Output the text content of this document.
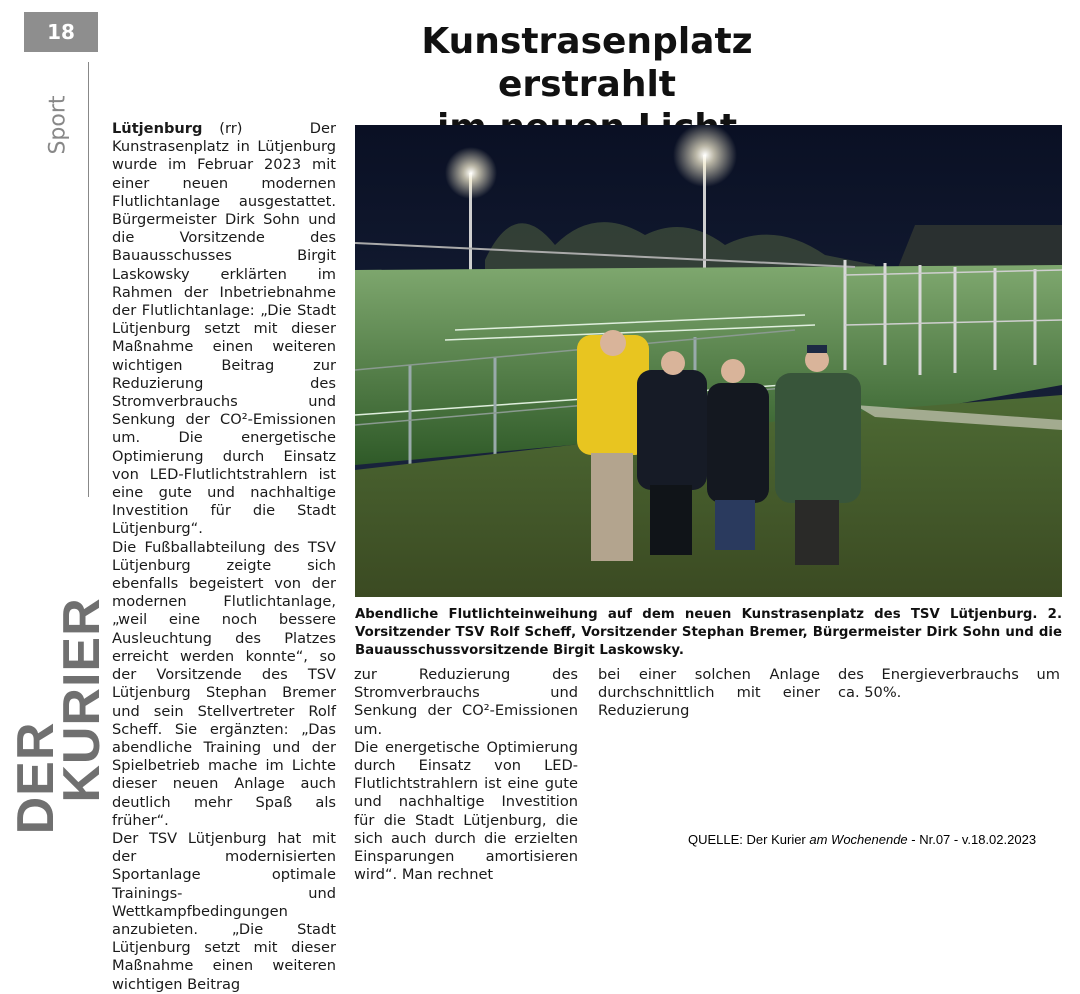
18
Sport
KURIER
DER
Kunstrasenplatz erstrahlt

Lütjenburg (rr)	Der Kunstrasenplatz in Lütjenburg wurde im Februar 2023 mit einer neuen modernen Flutlichtanlage ausgestattet. Bürgermeister Dirk Sohn und die Vorsitzende des Bauausschusses Birgit Laskowsky erklärten im Rahmen der Inbetriebnahme der Flutlichtanlage: „Die Stadt Lütjenburg setzt mit dieser Maßnahme einen weiteren wichtigen Beitrag zur Reduzierung des Stromverbrauchs und Senkung der CO²-Emissionen um. Die energetische Optimierung durch Einsatz von LED-Flutlichtstrahlern ist eine gute und nachhaltige Investition für die Stadt Lütjenburg“.

Die Fußballabteilung des TSV Lütjenburg zeigte sich ebenfalls begeistert von der modernen Flutlichtanlage, „weil eine noch bessere Ausleuchtung des Platzes erreicht werden konnte“, so der Vorsitzende des TSV Lütjenburg Stephan Bremer und sein Stellvertreter Rolf Scheff. Sie ergänzten: „Das abendliche Training und der Spielbetrieb mache im Lichte dieser neuen Anlage auch deutlich mehr Spaß als früher“.

Der TSV Lütjenburg hat mit der modernisierten Sportanlage optimale Trainings- und Wettkampfbedingungen anzubieten. „Die Stadt Lütjenburg setzt mit dieser Maßnahme einen weiteren wichtigen Beitrag

Abendliche Flutlichteinweihung auf dem neuen Kunstrasenplatz des TSV Lütjenburg. 2. Vorsitzender TSV Rolf Scheff, Vorsitzender Stephan Bremer, Bürgermeister Dirk Sohn und die Bauausschussvorsitzende Birgit Laskowsky.

zur Reduzierung des Stromverbrauchs und Senkung der CO²-Emissionen um.

Die energetische Optimierung durch Einsatz von LED-Flutlichtstrahlern ist eine gute und nachhaltige Investition für die Stadt Lütjenburg, die sich auch durch die erzielten Einsparungen amortisieren wird“. Man rechnet

bei einer solchen Anlage durchschnittlich mit einer Reduzierung

des Energieverbrauchs um ca. 50%.

QUELLE: Der Kurier am Wochenende - Nr.07 - v.18.02.2023
